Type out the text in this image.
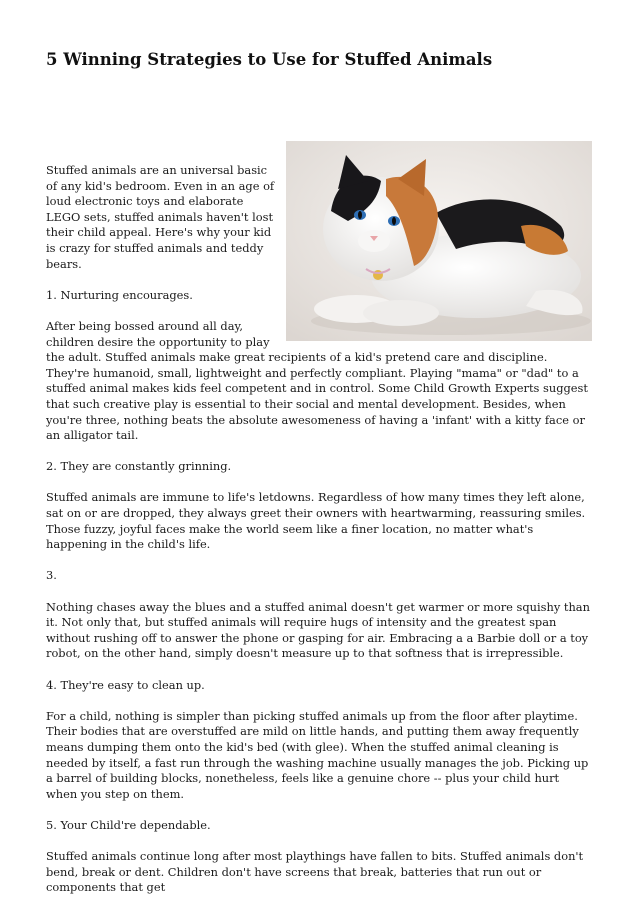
5 Winning Strategies to Use for Stuffed Animals

Stuffed animals are an universal basic of any kid's bedroom. Even in an age of loud electronic toys and elaborate LEGO sets, stuffed animals haven't lost their child appeal. Here's why your kid is crazy for stuffed animals and teddy bears.

1. Nurturing encourages.

After being bossed around all day, children desire the opportunity to play the adult. Stuffed animals make great recipients of a kid's pretend care and discipline. They're humanoid, small, lightweight and perfectly compliant. Playing "mama" or "dad" to a stuffed animal makes kids feel competent and in control. Some Child Growth Experts suggest that such creative play is essential to their social and mental development. Besides, when you're three, nothing beats the absolute awesomeness of having a 'infant' with a kitty face or an alligator tail.

2. They are constantly grinning.

Stuffed animals are immune to life's letdowns. Regardless of how many times they left alone, sat on or are dropped, they always greet their owners with heartwarming, reassuring smiles. Those fuzzy, joyful faces make the world seem like a finer location, no matter what's happening in the child's life.

3.

Nothing chases away the blues and a stuffed animal doesn't get warmer or more squishy than it. Not only that, but stuffed animals will require hugs of intensity and the greatest span without rushing off to answer the phone or gasping for air. Embracing a a Barbie doll or a toy robot, on the other hand, simply doesn't measure up to that softness that is irrepressible.

4. They're easy to clean up.

For a child, nothing is simpler than picking stuffed animals up from the floor after playtime. Their bodies that are overstuffed are mild on little hands, and putting them away frequently means dumping them onto the kid's bed (with glee). When the stuffed animal cleaning is needed by itself, a fast run through the washing machine usually manages the job. Picking up a barrel of building blocks, nonetheless, feels like a genuine chore -- plus your child hurt when you step on them.

5. Your Child're dependable.

Stuffed animals continue long after most playthings have fallen to bits. Stuffed animals don't bend, break or dent. Children don't have screens that break, batteries that run out or components that get
